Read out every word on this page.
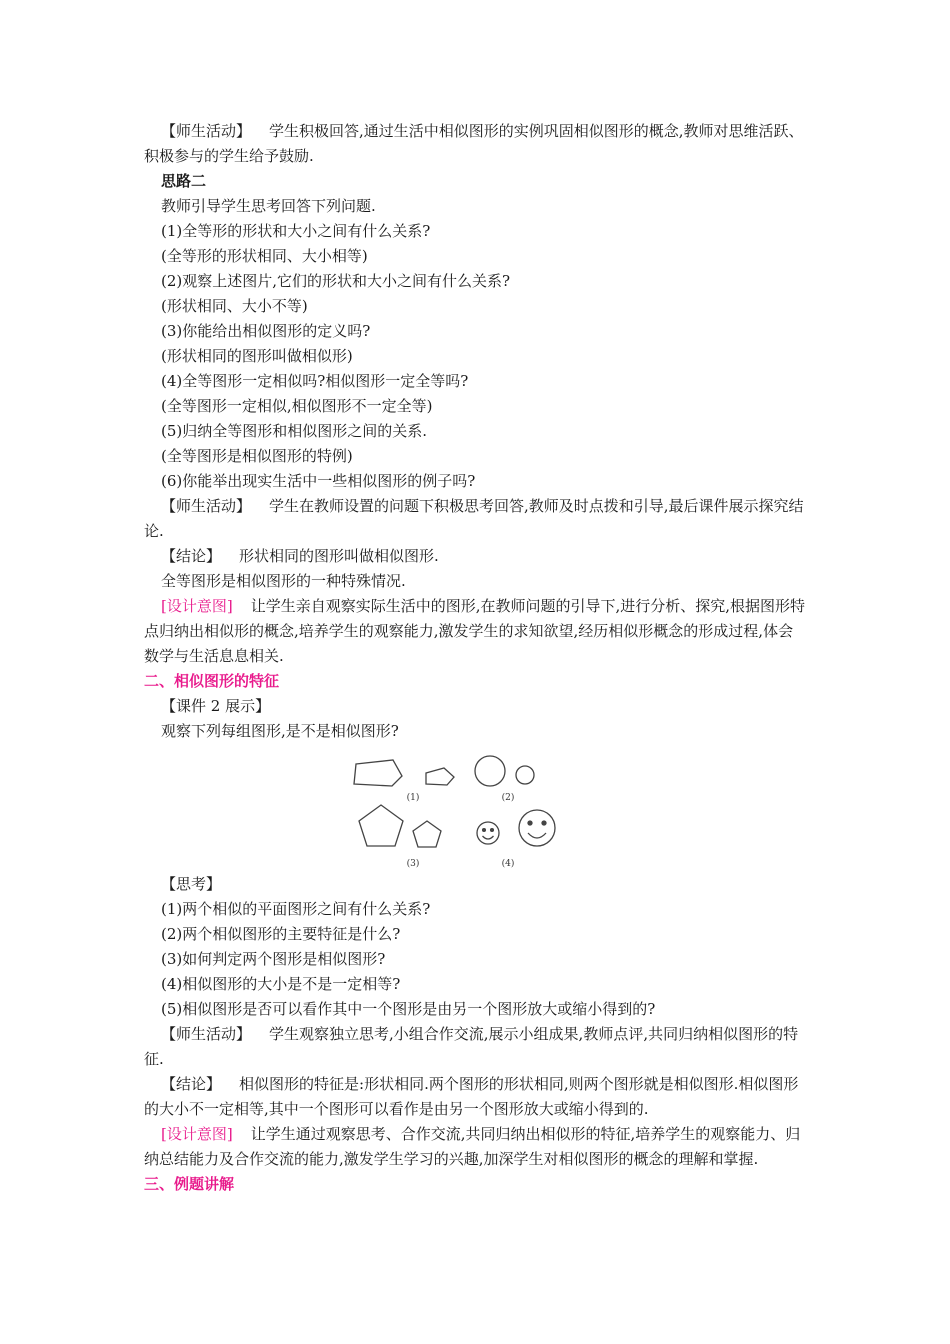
【师生活动】 学生积极回答,通过生活中相似图形的实例巩固相似图形的概念,教师对思维活跃、积极参与的学生给予鼓励.

思路二

教师引导学生思考回答下列问题.

(1)全等形的形状和大小之间有什么关系?

(全等形的形状相同、大小相等)

(2)观察上述图片,它们的形状和大小之间有什么关系?

(形状相同、大小不等)

(3)你能给出相似图形的定义吗?

(形状相同的图形叫做相似形)

(4)全等图形一定相似吗?相似图形一定全等吗?

(全等图形一定相似,相似图形不一定全等)

(5)归纳全等图形和相似图形之间的关系.

(全等图形是相似图形的特例)

(6)你能举出现实生活中一些相似图形的例子吗?

【师生活动】 学生在教师设置的问题下积极思考回答,教师及时点拨和引导,最后课件展示探究结论.

【结论】 形状相同的图形叫做相似图形.

全等图形是相似图形的一种特殊情况.

[设计意图] 让学生亲自观察实际生活中的图形,在教师问题的引导下,进行分析、探究,根据图形特点归纳出相似形的概念,培养学生的观察能力,激发学生的求知欲望,经历相似形概念的形成过程,体会数学与生活息息相关.

二、相似图形的特征

【课件 2 展示】

观察下列每组图形,是不是相似图形?

(1)	(2)
(3)	(4)

【思考】

(1)两个相似的平面图形之间有什么关系?

(2)两个相似图形的主要特征是什么?

(3)如何判定两个图形是相似图形?

(4)相似图形的大小是不是一定相等?

(5)相似图形是否可以看作其中一个图形是由另一个图形放大或缩小得到的?

【师生活动】 学生观察独立思考,小组合作交流,展示小组成果,教师点评,共同归纳相似图形的特征.

【结论】 相似图形的特征是:形状相同.两个图形的形状相同,则两个图形就是相似图形.相似图形的大小不一定相等,其中一个图形可以看作是由另一个图形放大或缩小得到的.

[设计意图] 让学生通过观察思考、合作交流,共同归纳出相似形的特征,培养学生的观察能力、归纳总结能力及合作交流的能力,激发学生学习的兴趣,加深学生对相似图形的概念的理解和掌握.

三、例题讲解
